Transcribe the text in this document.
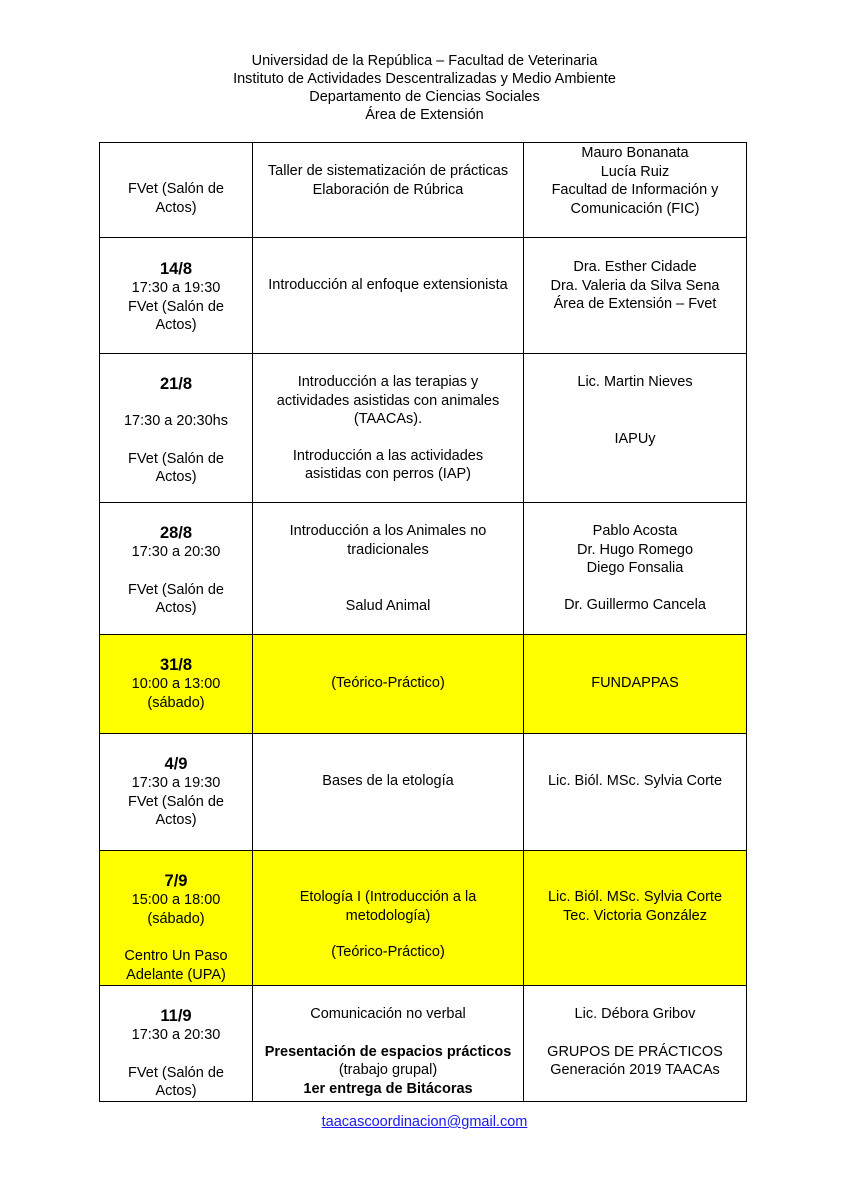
Universidad de la República – Facultad de Veterinaria
Instituto de Actividades Descentralizadas y Medio Ambiente
Departamento de Ciencias Sociales
Área de Extensión
FVet (Salón de
Actos)	Taller de sistematización de prácticas
Elaboración de Rúbrica	Mauro Bonanata
Lucía Ruiz
Facultad de Información y
Comunicación (FIC)

14/8
17:30 a 19:30
FVet (Salón de
Actos)	Introducción al enfoque extensionista	Dra. Esther Cidade
Dra. Valeria da Silva Sena
Área de Extensión – Fvet

21/8
17:30 a 20:30hs
FVet (Salón de
Actos)	Introducción a las terapias y
actividades asistidas con animales
(TAACAs).
Introducción a las actividades
asistidas con perros (IAP)	Lic. Martin Nieves
IAPUy

28/8
17:30 a 20:30
FVet (Salón de
Actos)	Introducción a los Animales no
tradicionales
Salud Animal	Pablo Acosta
Dr. Hugo Romego
Diego Fonsalia
Dr. Guillermo Cancela

31/8
10:00 a 13:00
(sábado)	(Teórico-Práctico)	FUNDAPPAS

4/9
17:30 a 19:30
FVet (Salón de
Actos)	Bases de la etología	Lic. Biól. MSc. Sylvia Corte

7/9
15:00 a 18:00
(sábado)
Centro Un Paso
Adelante (UPA)	Etología I (Introducción a la
metodología)
(Teórico-Práctico)	Lic. Biól. MSc. Sylvia Corte
Tec. Victoria González

11/9
17:30 a 20:30
FVet (Salón de
Actos)	Comunicación no verbal
Presentación de espacios prácticos
(trabajo grupal)
1er entrega de Bitácoras	Lic. Débora Gribov
GRUPOS DE PRÁCTICOS
Generación 2019 TAACAs
taacascoordinacion@gmail.com
